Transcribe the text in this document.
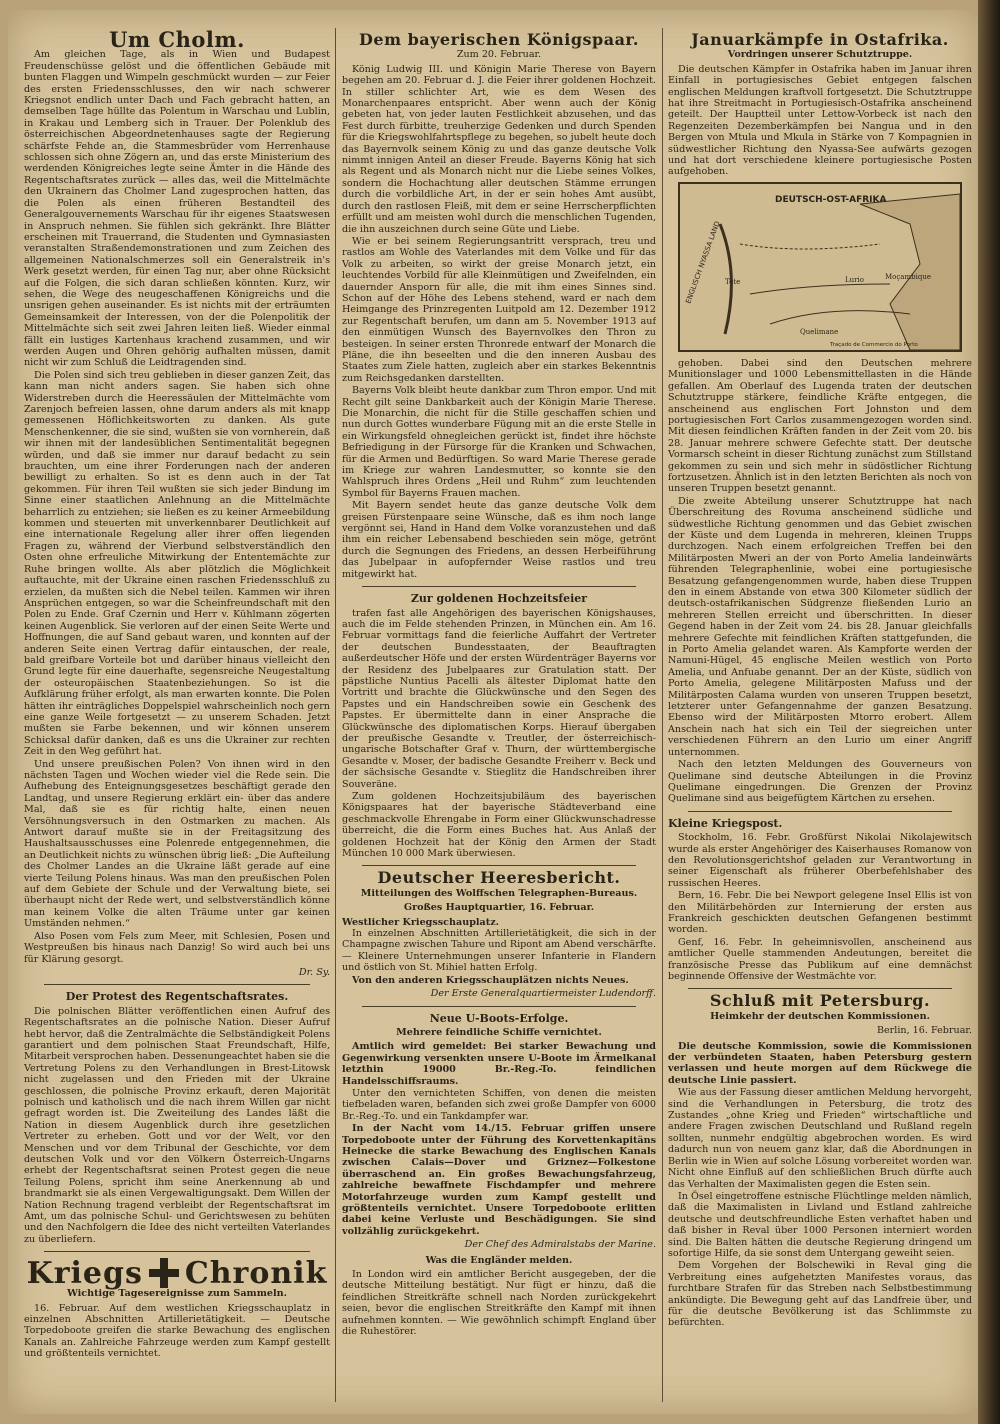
Um Cholm.

Am gleichen Tage, als in Wien und Budapest Freudenschüsse gelöst und die öffentlichen Gebäude mit bunten Flaggen und Wimpeln geschmückt wurden — zur Feier des ersten Friedensschlusses, den wir nach schwerer Kriegsnot endlich unter Dach und Fach gebracht hatten, an demselben Tage hüllte das Polentum in Warschau und Lublin, in Krakau und Lemberg sich in Trauer. Der Polenklub des österreichischen Abgeordnetenhauses sagte der Regierung schärfste Fehde an, die Stammesbrüder vom Herrenhause schlossen sich ohne Zögern an, und das erste Ministerium des werdenden Königreiches legte seine Ämter in die Hände des Regentschaftsrates zurück — alles das, weil die Mittelmächte den Ukrainern das Cholmer Land zugesprochen hatten, das die Polen als einen früheren Bestandteil des Generalgouvernements Warschau für ihr eigenes Staatswesen in Anspruch nehmen. Sie fühlen sich gekränkt. Ihre Blätter erscheinen mit Trauerrand, die Studenten und Gymnasiasten veranstalten Straßendemonstrationen und zum Zeichen des allgemeinen Nationalschmerzes soll ein Generalstreik in's Werk gesetzt werden, für einen Tag nur, aber ohne Rücksicht auf die Folgen, die sich daran schließen könnten. Kurz, wir sehen, die Wege des neugeschaffenen Königreichs und die unsrigen gehen auseinander. Es ist nichts mit der erträumten Gemeinsamkeit der Interessen, von der die Polenpolitik der Mittelmächte sich seit zwei Jahren leiten ließ. Wieder einmal fällt ein lustiges Kartenhaus krachend zusammen, und wir werden Augen und Ohren gehörig aufhalten müssen, damit nicht wir zum Schluß die Leidtragenden sind.

Die Polen sind sich treu geblieben in dieser ganzen Zeit, das kann man nicht anders sagen. Sie haben sich ohne Widerstreben durch die Heeressäulen der Mittelmächte vom Zarenjoch befreien lassen, ohne darum anders als mit knapp gemessenen Höflichkeitsworten zu danken. Als gute Menschenkenner, die sie sind, wußten sie von vornherein, daß wir ihnen mit der landesüblichen Sentimentalität begegnen würden, und daß sie immer nur darauf bedacht zu sein brauchten, um eine ihrer Forderungen nach der anderen bewilligt zu erhalten. So ist es denn auch in der Tat gekommen. Für ihren Teil wußten sie sich jeder Bindung im Sinne einer staatlichen Anlehnung an die Mittelmächte beharrlich zu entziehen; sie ließen es zu keiner Armeebildung kommen und steuerten mit unverkennbarer Deutlichkeit auf eine internationale Regelung aller ihrer offen liegenden Fragen zu, während der Vierbund selbstverständlich den Osten ohne erfreuliche Mitwirkung der Ententemächte zur Ruhe bringen wollte. Als aber plötzlich die Möglichkeit auftauchte, mit der Ukraine einen raschen Friedensschluß zu erzielen, da mußten sich die Nebel teilen. Kammen wir ihren Ansprüchen entgegen, so war die Scheinfreundschaft mit den Polen zu Ende. Graf Czernin und Herr v. Kühlmann zögerten keinen Augenblick. Sie verloren auf der einen Seite Werte und Hoffnungen, die auf Sand gebaut waren, und konnten auf der anderen Seite einen Vertrag dafür eintauschen, der reale, bald greifbare Vorteile bot und darüber hinaus vielleicht den Grund legte für eine dauerhafte, segensreiche Neugestaltung der osteuropäischen Staatenbeziehungen. So ist die Aufklärung früher erfolgt, als man erwarten konnte. Die Polen hätten ihr einträgliches Doppelspiel wahrscheinlich noch gern eine ganze Weile fortgesetzt — zu unserem Schaden. Jetzt mußten sie Farbe bekennen, und wir können unserem Schicksal dafür danken, daß es uns die Ukrainer zur rechten Zeit in den Weg geführt hat.

Und unsere preußischen Polen? Von ihnen wird in den nächsten Tagen und Wochen wieder viel die Rede sein. Die Aufhebung des Enteignungsgesetzes beschäftigt gerade den Landtag, und unsere Regierung erklärt ein- über das andere Mal, daß sie es für richtig halte, einen neuen Versöhnungsversuch in den Ostmarken zu machen. Als Antwort darauf mußte sie in der Freitagsitzung des Haushaltsausschusses eine Polenrede entgegennehmen, die an Deutlichkeit nichts zu wünschen übrig ließ: „Die Aufteilung des Cholmer Landes an die Ukraine läßt gerade auf eine vierte Teilung Polens hinaus. Was man den preußischen Polen auf dem Gebiete der Schule und der Verwaltung biete, sei überhaupt nicht der Rede wert, und selbstverständlich könne man keinem Volke die alten Träume unter gar keinen Umständen nehmen.“

Also Posen vom Fels zum Meer, mit Schlesien, Posen und Westpreußen bis hinaus nach Danzig! So wird auch bei uns für Klärung gesorgt.

Dr. Sy.
Der Protest des Regentschaftsrates.

Die polnischen Blätter veröffentlichen einen Aufruf des Regentschaftsrates an die polnische Nation. Dieser Aufruf hebt hervor, daß die Zentralmächte die Selbständigkeit Polens garantiert und dem polnischen Staat Freundschaft, Hilfe, Mitarbeit versprochen haben. Dessenungeachtet haben sie die Vertretung Polens zu den Verhandlungen in Brest-Litowsk nicht zugelassen und den Frieden mit der Ukraine geschlossen, die polnische Provinz erkauft, deren Majorität polnisch und katholisch und die nach ihrem Willen gar nicht gefragt worden ist. Die Zweiteilung des Landes läßt die Nation in diesem Augenblick durch ihre gesetzlichen Vertreter zu erheben. Gott und vor der Welt, vor den Menschen und vor dem Tribunal der Geschichte, vor dem deutschen Volk und vor den Völkern Österreich-Ungarns erhebt der Regentschaftsrat seinen Protest gegen die neue Teilung Polens, spricht ihm seine Anerkennung ab und brandmarkt sie als einen Vergewaltigungsakt. Dem Willen der Nation Rechnung tragend verbleibt der Regentschaftsrat im Amt, um das polnische Schul- und Gerichtswesen zu behüten und den Nachfolgern die Idee des nicht verteilten Vaterlandes zu überliefern.

Kriegs Chronik
Wichtige Tagesereignisse zum Sammeln.

16. Februar. Auf dem westlichen Kriegsschauplatz in einzelnen Abschnitten Artillerietätigkeit. — Deutsche Torpedoboote greifen die starke Bewachung des englischen Kanals an. Zahlreiche Fahrzeuge werden zum Kampf gestellt und größtenteils vernichtet.

Dem bayerischen Königspaar.
Zum 20. Februar.

König Ludwig III. und Königin Marie Therese von Bayern begehen am 20. Februar d. J. die Feier ihrer goldenen Hochzeit. In stiller schlichter Art, wie es dem Wesen des Monarchenpaares entspricht. Aber wenn auch der König gebeten hat, von jeder lauten Festlichkeit abzusehen, und das Fest durch fürbitte, treuherzige Gedenken und durch Spenden für die Kriegswohlfahrtspflege zu begehen, so jubelt heute doch das Bayernvolk seinem König zu und das ganze deutsche Volk nimmt innigen Anteil an dieser Freude. Bayerns König hat sich als Regent und als Monarch nicht nur die Liebe seines Volkes, sondern die Hochachtung aller deutschen Stämme errungen durch die vorbildliche Art, in der er sein hohes Amt ausübt, durch den rastlosen Fleiß, mit dem er seine Herrscherpflichten erfüllt und am meisten wohl durch die menschlichen Tugenden, die ihn auszeichnen durch seine Güte und Liebe.

Wie er bei seinem Regierungsantritt versprach, treu und rastlos am Wohle des Vaterlandes mit dem Volke und für das Volk zu arbeiten, so wirkt der greise Monarch jetzt, ein leuchtendes Vorbild für alle Kleinmütigen und Zweifelnden, ein dauernder Ansporn für alle, die mit ihm eines Sinnes sind. Schon auf der Höhe des Lebens stehend, ward er nach dem Heimgange des Prinzregenten Luitpold am 12. Dezember 1912 zur Regentschaft berufen, um dann am 5. November 1913 auf den einmütigen Wunsch des Bayernvolkes den Thron zu besteigen. In seiner ersten Thronrede entwarf der Monarch die Pläne, die ihn beseelten und die den inneren Ausbau des Staates zum Ziele hatten, zugleich aber ein starkes Bekenntnis zum Reichsgedanken darstellten.

Bayerns Volk bleibt heute dankbar zum Thron empor. Und mit Recht gilt seine Dankbarkeit auch der Königin Marie Therese. Die Monarchin, die nicht für die Stille geschaffen schien und nun durch Gottes wunderbare Fügung mit an die erste Stelle in ein Wirkungsfeld ohnegleichen gerückt ist, findet ihre höchste Befriedigung in der Fürsorge für die Kranken und Schwachen, für die Armen und Bedürftigen. So ward Marie Therese gerade im Kriege zur wahren Landesmutter, so konnte sie den Wahlspruch ihres Ordens „Heil und Ruhm“ zum leuchtenden Symbol für Bayerns Frauen machen.

Mit Bayern sendet heute das ganze deutsche Volk dem greisen Fürstenpaare seine Wünsche, daß es ihm noch lange vergönnt sei, Hand in Hand dem Volke voranzustehen und daß ihm ein reicher Lebensabend beschieden sein möge, getrönt durch die Segnungen des Friedens, an dessen Herbeiführung das Jubelpaar in aufopfernder Weise rastlos und treu mitgewirkt hat.

Zur goldenen Hochzeitsfeier

trafen fast alle Angehörigen des bayerischen Königshauses, auch die im Felde stehenden Prinzen, in München ein. Am 16. Februar vormittags fand die feierliche Auffahrt der Vertreter der deutschen Bundesstaaten, der Beauftragten außerdeutscher Höfe und der ersten Würdenträger Bayerns vor der Residenz des Jubelpaares zur Gratulation statt. Der päpstliche Nuntius Pacelli als ältester Diplomat hatte den Vortritt und brachte die Glückwünsche und den Segen des Papstes und ein Handschreiben sowie ein Geschenk des Papstes. Er übermittelte dann in einer Ansprache die Glückwünsche des diplomatischen Korps. Hierauf übergaben der preußische Gesandte v. Treutler, der österreichisch-ungarische Botschafter Graf v. Thurn, der württembergische Gesandte v. Moser, der badische Gesandte Freiherr v. Beck und der sächsische Gesandte v. Stieglitz die Handschreiben ihrer Souveräne.

Zum goldenen Hochzeitsjubiläum des bayerischen Königspaares hat der bayerische Städteverband eine geschmackvolle Ehrengabe in Form einer Glückwunschadresse überreicht, die die Form eines Buches hat. Aus Anlaß der goldenen Hochzeit hat der König den Armen der Stadt München 10 000 Mark überwiesen.

Deutscher Heeresbericht.
Mitteilungen des Wolffschen Telegraphen-Bureaus.
Großes Hauptquartier, 16. Februar.
Westlicher Kriegsschauplatz.

In einzelnen Abschnitten Artillerietätigkeit, die sich in der Champagne zwischen Tahure und Ripont am Abend verschärfte. — Kleinere Unternehmungen unserer Infanterie in Flandern und östlich von St. Mihiel hatten Erfolg.

Von den anderen Kriegsschauplätzen nichts Neues.

Der Erste Generalquartiermeister Ludendorff.
Neue U-Boots-Erfolge.
Mehrere feindliche Schiffe vernichtet.

Amtlich wird gemeldet: Bei starker Bewachung und Gegenwirkung versenkten unsere U-Boote im Ärmelkanal letzthin 19000 Br.-Reg.-To. feindlichen Handelsschiffsraums.

Unter den vernichteten Schiffen, von denen die meisten tiefbeladen waren, befanden sich zwei große Dampfer von 6000 Br.-Reg.-To. und ein Tankdampfer war.

In der Nacht vom 14./15. Februar griffen unsere Torpedoboote unter der Führung des Korvettenkapitäns Heinecke die starke Bewachung des Englischen Kanals zwischen Calais—Dover und Griznez—Folkestone überraschend an. Ein großes Bewachungsfahrzeug, zahlreiche bewaffnete Fischdampfer und mehrere Motorfahrzeuge wurden zum Kampf gestellt und größtenteils vernichtet. Unsere Torpedoboote erlitten dabei keine Verluste und Beschädigungen. Sie sind vollzählig zurückgekehrt.

Der Chef des Admiralstabs der Marine.
Was die Engländer melden.

In London wird ein amtlicher Bericht ausgegeben, der die deutsche Mitteilung bestätigt. Nur fügt er hinzu, daß die feindlichen Streitkräfte schnell nach Norden zurückgekehrt seien, bevor die englischen Streitkräfte den Kampf mit ihnen aufnehmen konnten. — Wie gewöhnlich schimpft England über die Ruhestörer.

Januarkämpfe in Ostafrika.
Vordringen unserer Schutztruppe.

Die deutschen Kämpfer in Ostafrika haben im Januar ihren Einfall in portugiesisches Gebiet entgegen falschen englischen Meldungen kraftvoll fortgesetzt. Die Schutztruppe hat ihre Streitmacht in Portugiesisch-Ostafrika anscheinend geteilt. Der Hauptteil unter Lettow-Vorbeck ist nach den Regenzeiten Dezemberkämpfen bei Nangua und in den Bergen von Mtula und Mkula in Stärke von 7 Kompagnien in südwestlicher Richtung den Nyassa-See aufwärts gezogen und hat dort verschiedene kleinere portugiesische Posten aufgehoben.

DEUTSCH-OST-AFRIKA
ENGLISCH NYASSA LAND	Moçambique
Lurio
Tete
Quelimane
Traçado de Commercio do Porto

gehoben. Dabei sind den Deutschen mehrere Munitionslager und 1000 Lebensmittellasten in die Hände gefallen. Am Oberlauf des Lugenda traten der deutschen Schutztruppe stärkere, feindliche Kräfte entgegen, die anscheinend aus englischen Fort Johnston und dem portugiesischen Fort Carlos zusammengezogen worden sind. Mit diesen feindlichen Kräften fanden in der Zeit vom 20. bis 28. Januar mehrere schwere Gefechte statt. Der deutsche Vormarsch scheint in dieser Richtung zunächst zum Stillstand gekommen zu sein und sich mehr in südöstlicher Richtung fortzusetzen. Ähnlich ist in den letzten Berichten als noch von unseren Truppen besetzt genannt.

Die zweite Abteilung unserer Schutztruppe hat nach Überschreitung des Rovuma anscheinend südliche und südwestliche Richtung genommen und das Gebiet zwischen der Küste und dem Lugenda in mehreren, kleinen Trupps durchzogen. Nach einem erfolgreichen Treffen bei den Militärposten Mweri an der von Porto Amelia landeinwärts führenden Telegraphenlinie, wobei eine portugiesische Besatzung gefangengenommen wurde, haben diese Truppen den in einem Abstande von etwa 300 Kilometer südlich der deutsch-ostafrikanischen Südgrenze fließenden Lurio an mehreren Stellen erreicht und überschritten. In dieser Gegend haben in der Zeit vom 24. bis 28. Januar gleichfalls mehrere Gefechte mit feindlichen Kräften stattgefunden, die in Porto Amelia gelandet waren. Als Kampforte werden der Namuni-Hügel, 45 englische Meilen westlich von Porto Amelia, und Anfuabe genannt. Der an der Küste, südlich von Porto Amelia, gelegene Militärposten Mafuss und der Militärposten Calama wurden von unseren Truppen besetzt, letzterer unter Gefangennahme der ganzen Besatzung. Ebenso wird der Militärposten Mtorro erobert. Allem Anschein nach hat sich ein Teil der siegreichen unter verschiedenen Führern an den Lurio um einer Angriff unternommen.

Nach den letzten Meldungen des Gouverneurs von Quelimane sind deutsche Abteilungen in die Provinz Quelimane eingedrungen. Die Grenzen der Provinz Quelimane sind aus beigefügtem Kärtchen zu ersehen.

Kleine Kriegspost.

Stockholm, 16. Febr. Großfürst Nikolai Nikolajewitsch wurde als erster Angehöriger des Kaiserhauses Romanow von den Revolutionsgerichtshof geladen zur Verantwortung in seiner Eigenschaft als früherer Oberbefehlshaber des russischen Heeres.

Bern, 16. Febr. Die bei Newport gelegene Insel Ellis ist von den Militärbehörden zur Internierung der ersten aus Frankreich geschickten deutschen Gefangenen bestimmt worden.

Genf, 16. Febr. In geheimnisvollen, anscheinend aus amtlicher Quelle stammenden Andeutungen, bereitet die französische Presse das Publikum auf eine demnächst beginnende Offensive der Westmächte vor.

Schluß mit Petersburg.
Heimkehr der deutschen Kommissionen.
Berlin, 16. Februar.

Die deutsche Kommission, sowie die Kommissionen der verbündeten Staaten, haben Petersburg gestern verlassen und heute morgen auf dem Rückwege die deutsche Linie passiert.

Wie aus der Fassung dieser amtlichen Meldung hervorgeht, sind die Verhandlungen in Petersburg, die trotz des Zustandes „ohne Krieg und Frieden“ wirtschaftliche und andere Fragen zwischen Deutschland und Rußland regeln sollten, nunmehr endgültig abgebrochen worden. Es wird dadurch nun von neuem ganz klar, daß die Abordnungen in Berlin wie in Wien auf solche Lösung vorbereitet worden war. Nicht ohne Einfluß auf den schließlichen Bruch dürfte auch das Verhalten der Maximalisten gegen die Esten sein.

In Ösel eingetroffene estnische Flüchtlinge melden nämlich, daß die Maximalisten in Livland und Estland zahlreiche deutsche und deutschfreundliche Esten verhaftet haben und daß bisher in Reval über 1000 Personen interniert worden sind. Die Balten hätten die deutsche Regierung dringend um sofortige Hilfe, da sie sonst dem Untergang geweiht seien.

Dem Vorgehen der Bolschewiki in Reval ging die Verbreitung eines aufgehetzten Manifestes voraus, das furchtbare Strafen für das Streben nach Selbstbestimmung ankündigte. Die Bewegung geht auf das Landfreie über, und für die deutsche Bevölkerung ist das Schlimmste zu befürchten.
